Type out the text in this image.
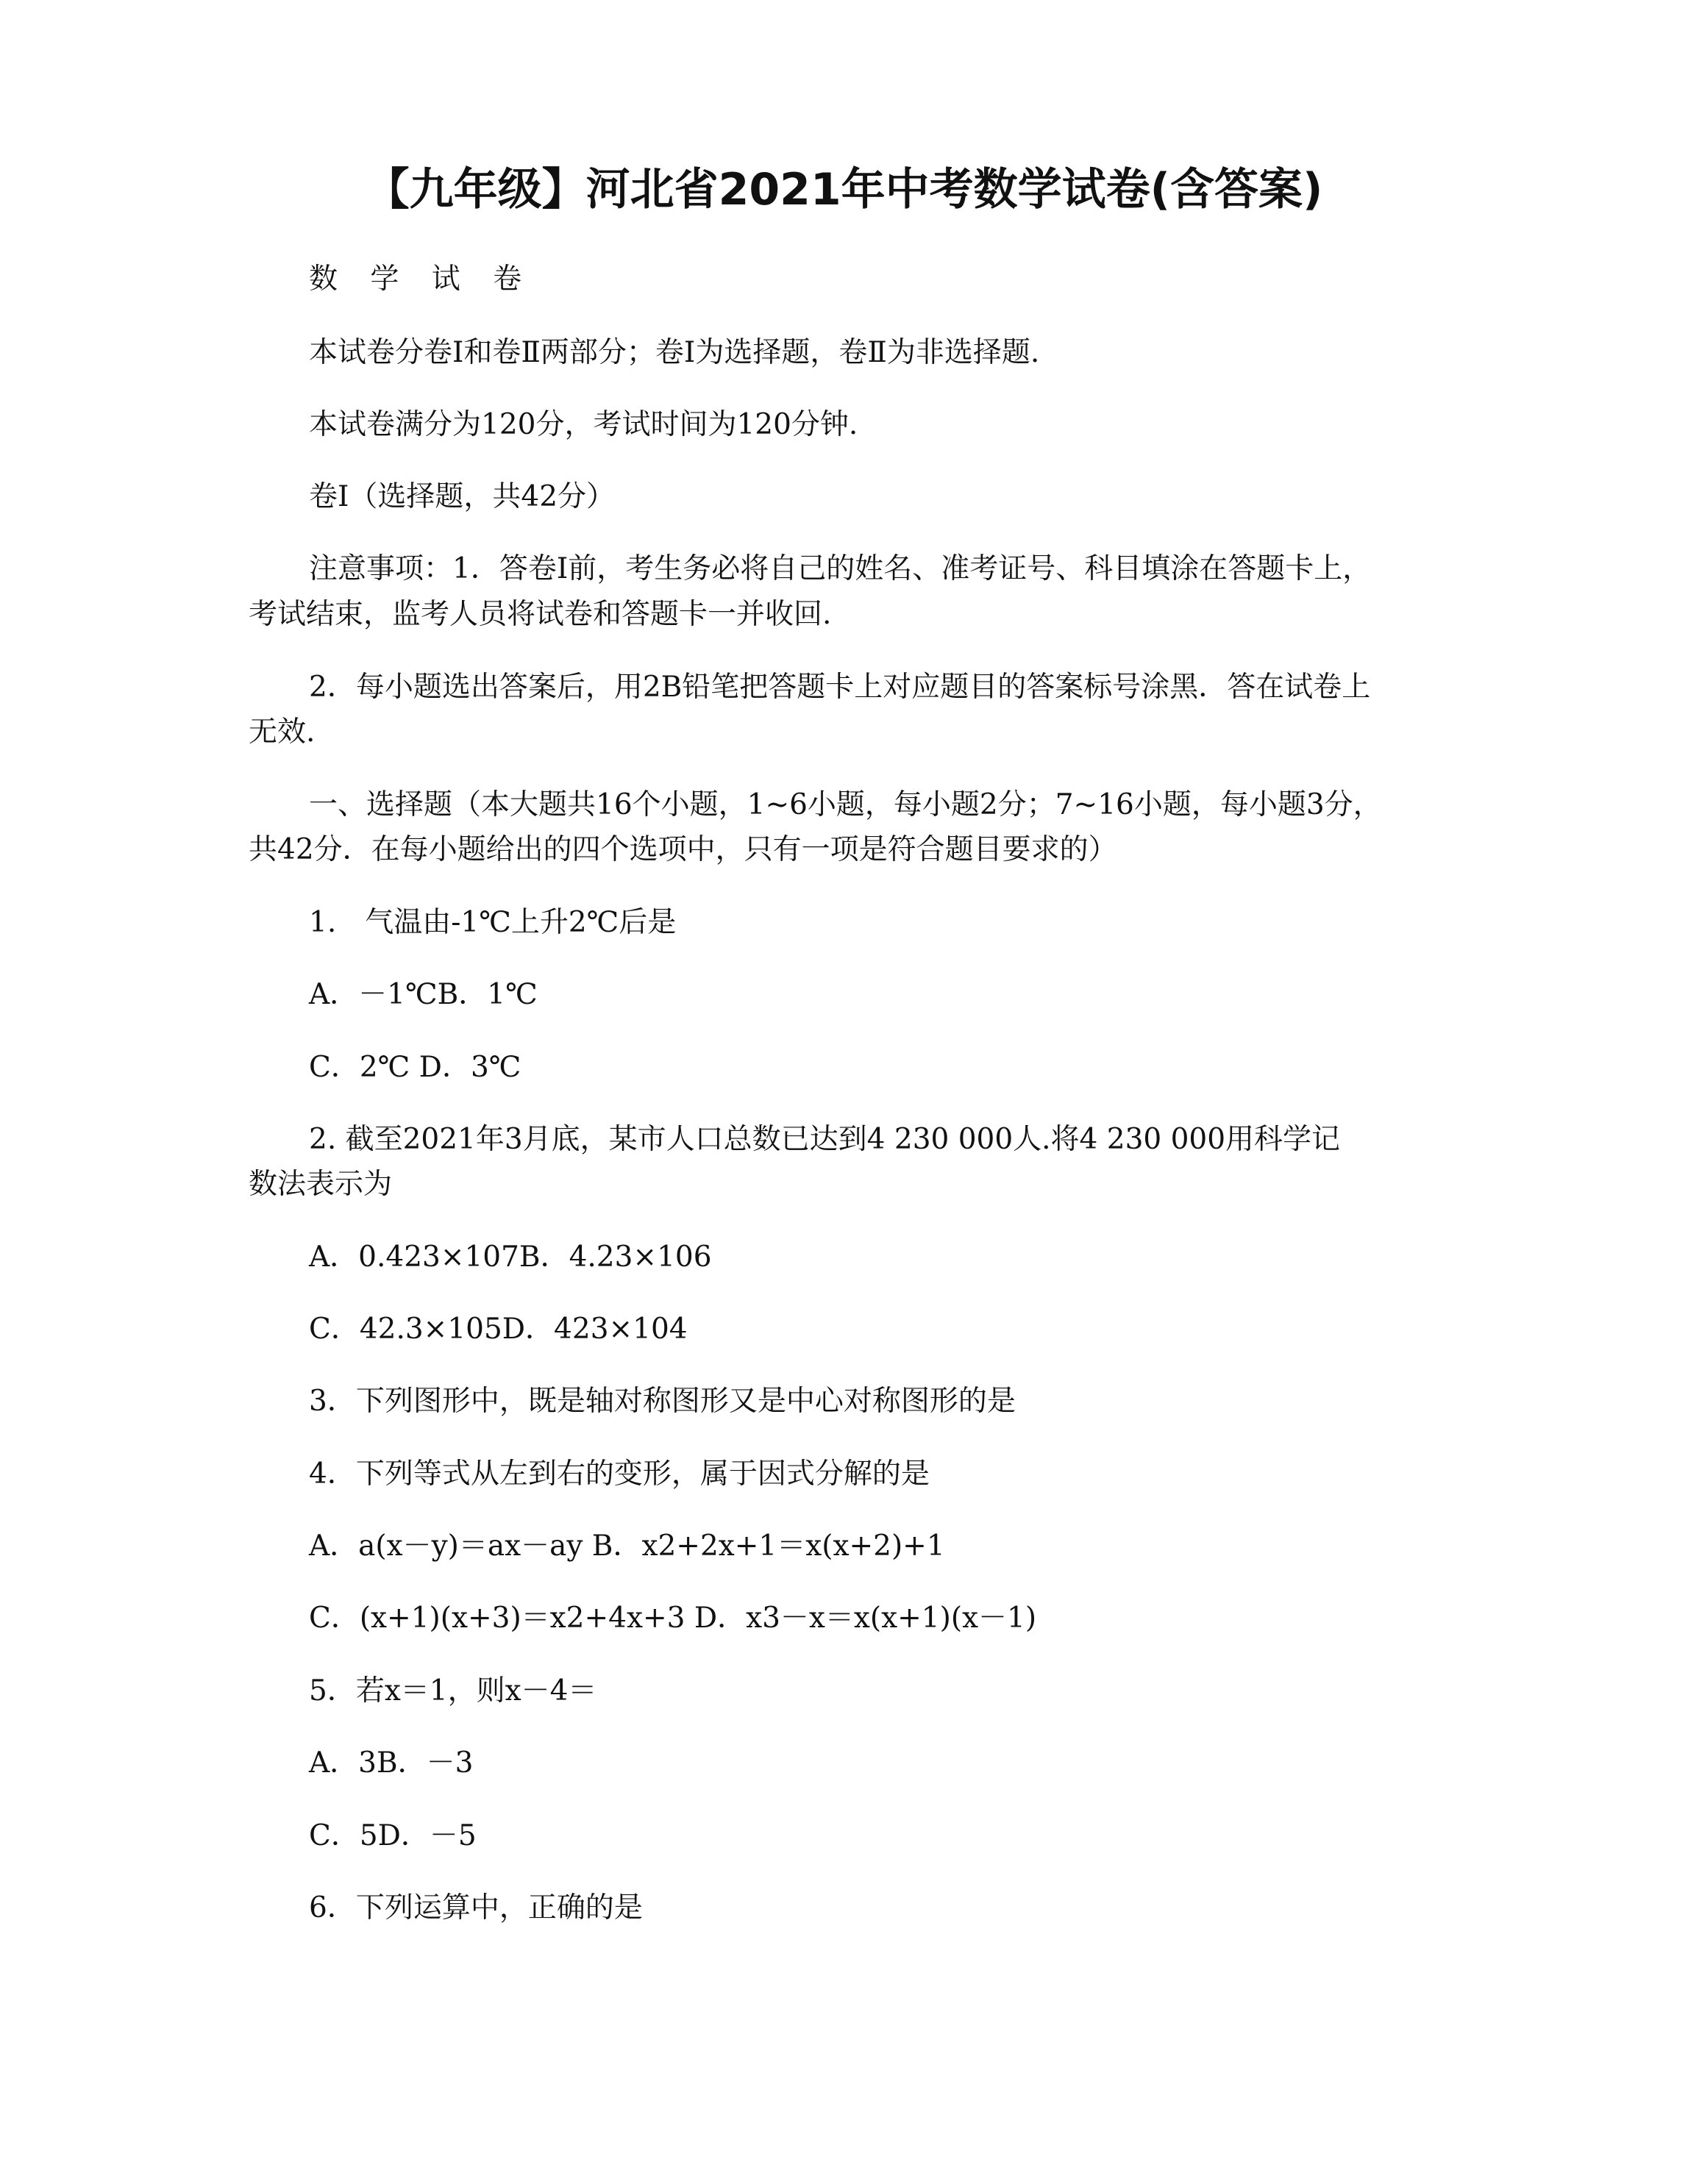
【九年级】河北省2021年中考数学试卷(含答案)
数 学 试 卷
本试卷分卷Ⅰ和卷Ⅱ两部分；卷Ⅰ为选择题，卷Ⅱ为非选择题.
本试卷满分为120分，考试时间为120分钟.
卷Ⅰ（选择题，共42分）
注意事项：1．答卷Ⅰ前，考生务必将自己的姓名、准考证号、科目填涂在答题卡上，
考试结束，监考人员将试卷和答题卡一并收回.
2．每小题选出答案后，用2B铅笔把答题卡上对应题目的答案标号涂黑．答在试卷上
无效.
一、选择题（本大题共16个小题，1~6小题，每小题2分；7~16小题，每小题3分，
共42分．在每小题给出的四个选项中，只有一项是符合题目要求的）
1.　气温由-1℃上升2℃后是
A．－1℃B．1℃
C．2℃ D．3℃
2. 截至2021年3月底，某市人口总数已达到4 230 000人.将4 230 000用科学记
数法表示为
A．0.423×107B．4.23×106
C．42.3×105D．423×104
3．下列图形中，既是轴对称图形又是中心对称图形的是
4．下列等式从左到右的变形，属于因式分解的是
A．a(x－y)＝ax－ay B．x2+2x+1＝x(x+2)+1
C．(x+1)(x+3)＝x2+4x+3 D．x3－x＝x(x+1)(x－1)
5．若x＝1，则x－4＝
A．3B．－3
C．5D．－5
6．下列运算中，正确的是
